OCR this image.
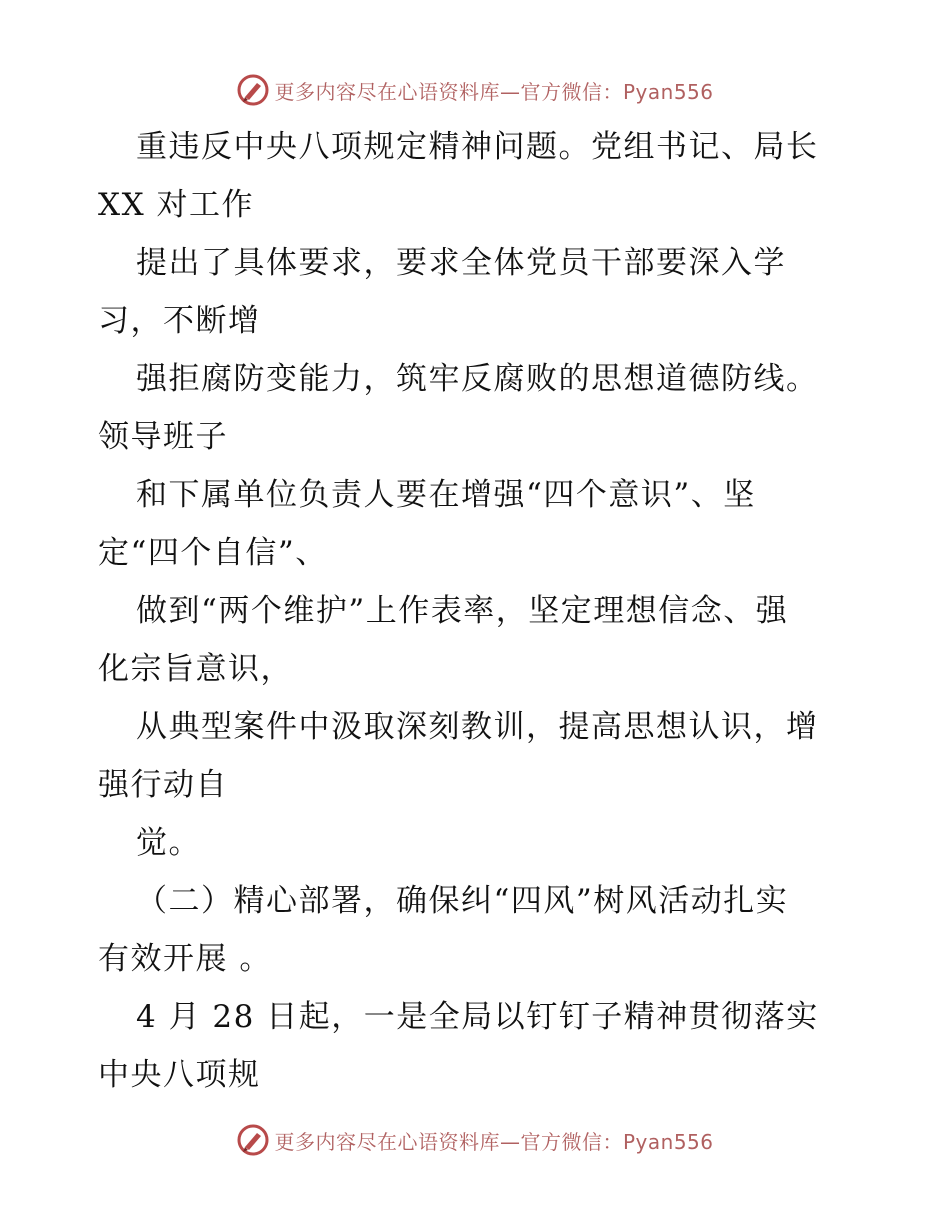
更多内容尽在心语资料库—官方微信：Pyan556
重违反中央八项规定精神问题。党组书记、局长
XX 对工作
提出了具体要求，要求全体党员干部要深入学
习，不断增
强拒腐防变能力，筑牢反腐败的思想道德防线。
领导班子
和下属单位负责人要在增强“四个意识”、坚
定“四个自信”、
做到“两个维护”上作表率，坚定理想信念、强
化宗旨意识，
从典型案件中汲取深刻教训，提高思想认识，增
强行动自
觉。
（二）精心部署，确保纠“四风”树风活动扎实
有效开展 。
4 月 28 日起，一是全局以钉钉子精神贯彻落实
中央八项规
更多内容尽在心语资料库—官方微信：Pyan556
